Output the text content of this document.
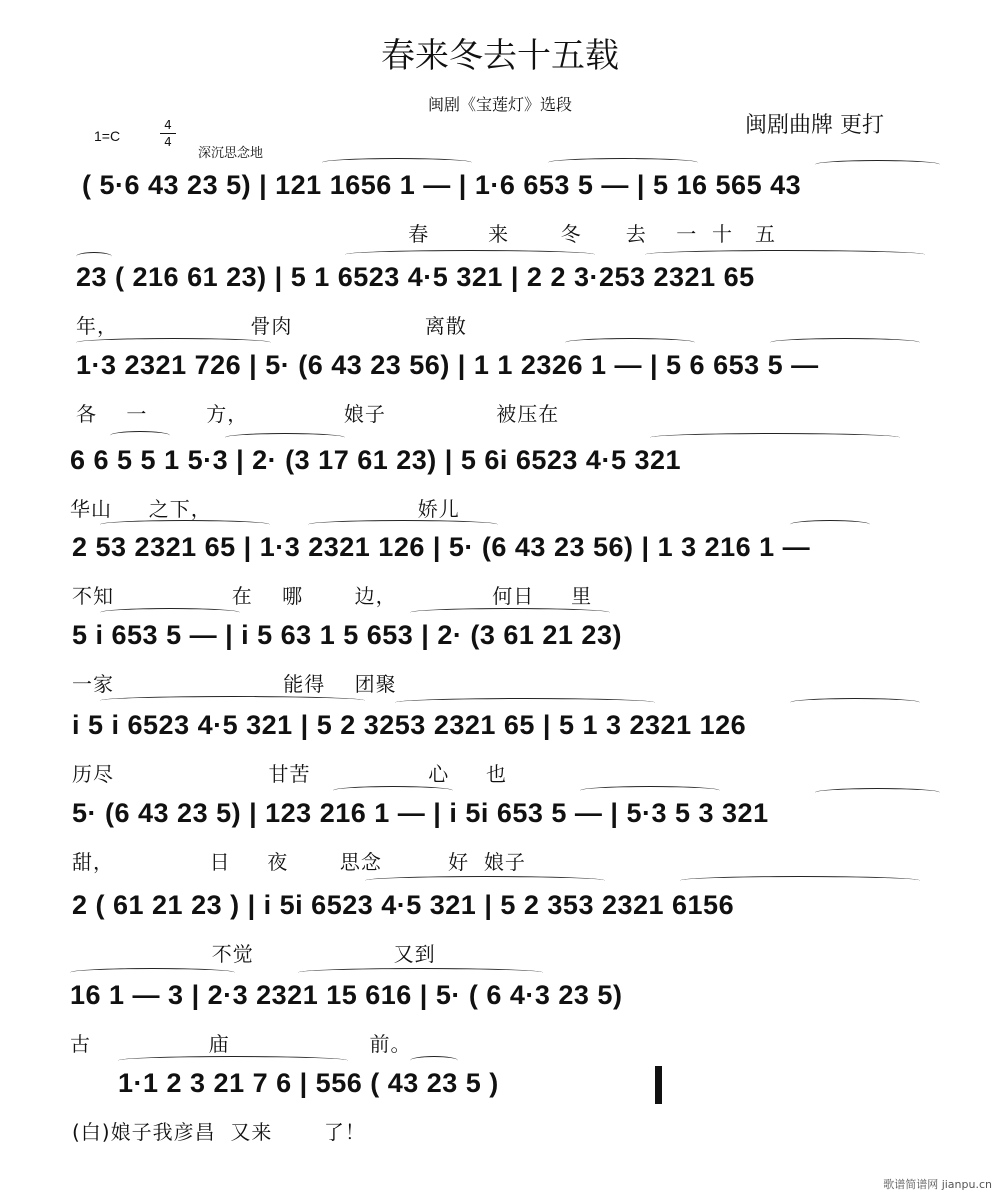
春来冬去十五载
闽剧《宝莲灯》选段
闽剧曲牌 更打
1=C
4
4
深沉思念地
( 5·6 43 23 5) | 121 1656 1 — | 1·6 653 5 — | 5 16 565 43
春        来       冬      去    一  十   五
23 ( 216 61 23) | 5 1 6523 4·5 321 | 2 2 3·253 2321 65
年，                  骨肉                  离散
1·3 2321 726 | 5· (6 43 23 56) | 1 1 2326 1 — | 5 6 653 5 —
各    一        方，             娘子               被压在
6 6 5 5 1 5·3 | 2· (3 17 61 23) | 5 6i 6523 4·5 321
华山     之下，                            娇儿
2 53 2321 65 | 1·3 2321 126 | 5· (6 43 23 56) | 1 3 216 1 —
不知                在    哪       边，             何日     里
5 i 653 5 — | i 5 63 1 5 653 | 2· (3 61 21 23)
一家                       能得    团聚
i 5 i 6523 4·5 321 | 5 2 3253 2321 65 | 5 1 3 2321 126
历尽                     甘苦                心     也
5· (6 43 23 5) | 123 216 1 — | i 5i 653 5 — | 5·3 5 3 321
甜，             日     夜       思念         好  娘子
2 ( 61 21 23 ) | i 5i 6523 4·5 321 | 5 2 353 2321 6156
不觉                   又到
16 1 — 3 | 2·3 2321 15 616 | 5· ( 6 4·3 23 5)
古                庙                   前。
1·1 2 3 21 7 6 | 556 ( 43 23 5 )
(白)娘子我彦昌  又来       了！
歌谱简谱网 jianpu.cn
